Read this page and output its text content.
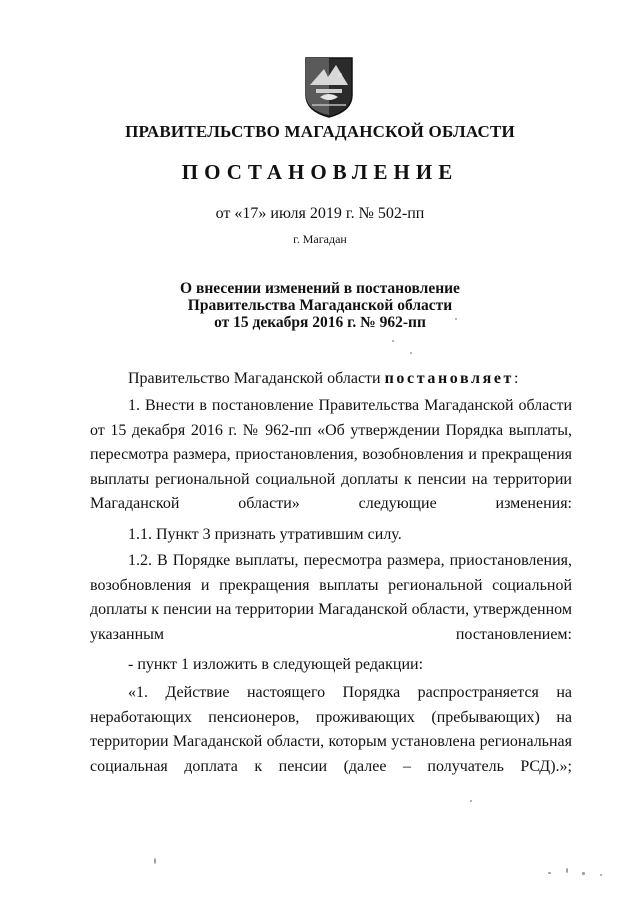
ПРАВИТЕЛЬСТВО МАГАДАНСКОЙ ОБЛАСТИ
ПОСТАНОВЛЕНИЕ
от «17» июля 2019 г. № 502-пп
г. Магадан
О внесении изменений в постановление
Правительства Магаданской области
от 15 декабря 2016 г. № 962-пп
Правительство Магаданской области постановляет:
1. Внести в постановление Правительства Магаданской области от 15 декабря 2016 г. № 962-пп «Об утверждении Порядка выплаты, пересмотра размера, приостановления, возобновления и прекращения выплаты региональной социальной доплаты к пенсии на территории Магаданской области» следующие изменения:
1.1. Пункт 3 признать утратившим силу.
1.2. В Порядке выплаты, пересмотра размера, приостановления, возобновления и прекращения выплаты региональной социальной доплаты к пенсии на территории Магаданской области, утвержденном указанным постановлением:
- пункт 1 изложить в следующей редакции:
«1. Действие настоящего Порядка распространяется на неработающих пенсионеров, проживающих (пребывающих) на территории Магаданской области, которым установлена региональная социальная доплата к пенсии (далее – получатель РСД).»;
